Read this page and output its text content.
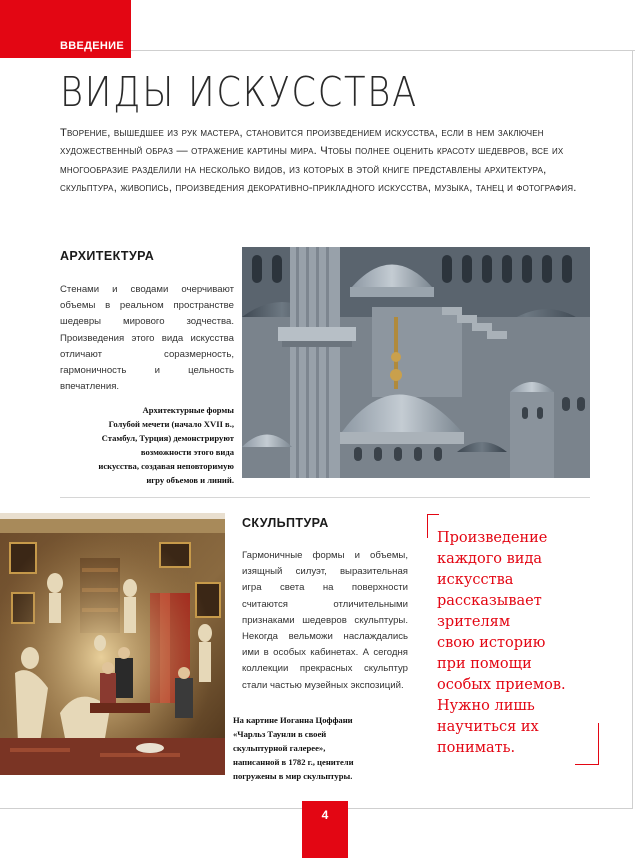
ВВЕДЕНИЕ
ВИДЫ ИСКУССТВА
Творение, вышедшее из рук мастера, становится произведением искусства, если в нем заключен художественный образ — отражение картины мира. Чтобы полнее оценить красоту шедевров, все их многообразие разделили на несколько видов, из которых в этой книге представлены архитектура, скульптура, живопись, произведения декоративно-прикладного искусства, музыка, танец и фотография.
АРХИТЕКТУРА
Стенами и сводами очерчивают объемы в реальном пространстве шедевры мирового зодчества. Произведения этого вида искусства отличают соразмерность, гармоничность и цельность впечатления.
Архитектурные формы
Голубой мечети (начало XVII в.,
Стамбул, Турция) демонстрируют
возможности этого вида
искусства, создавая неповторимую
игру объемов и линий.
СКУЛЬПТУРА
Гармоничные формы и объемы, изящный силуэт, выразительная игра света на поверхности считаются отличительными признаками шедевров скульптуры. Некогда вельможи наслаждались ими в особых кабинетах. А сегодня коллекции прекрасных скульптур стали частью музейных экспозиций.
На картине Иоганна Цоффани
«Чарльз Таунли в своей
скульптурной галерее»,
написанной в 1782 г., ценители
погружены в мир скульптуры.
Произведение
каждого вида
искусства
рассказывает
зрителям
свою историю
при помощи
особых приемов.
Нужно лишь
научиться их
понимать.
4
